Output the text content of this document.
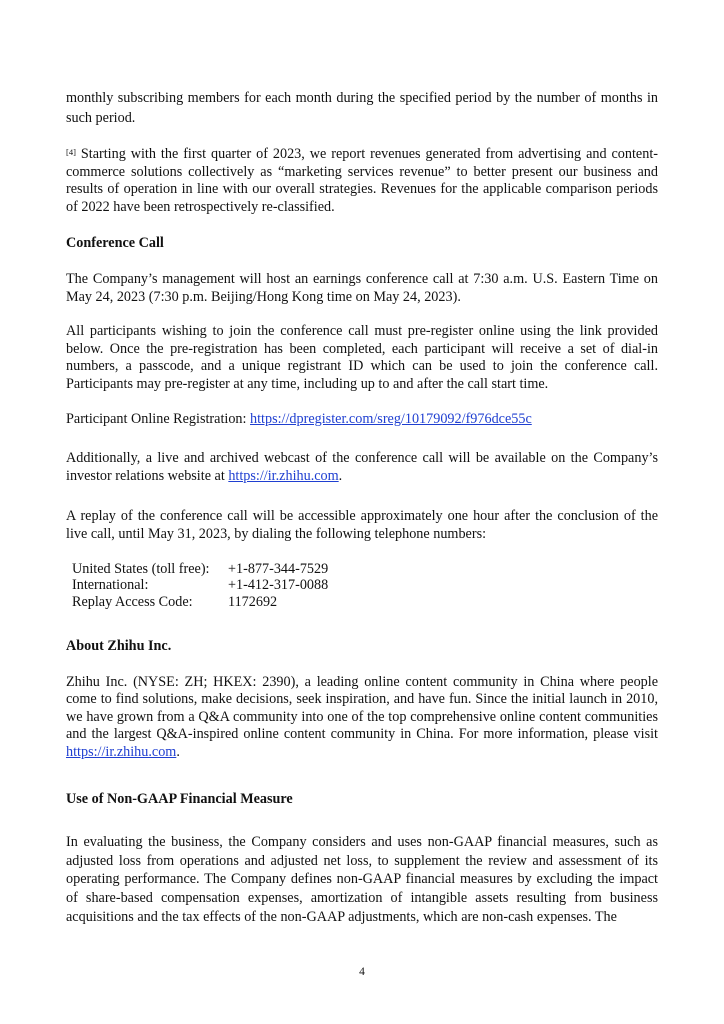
monthly subscribing members for each month during the specified period by the number of months in such period.

[4] Starting with the first quarter of 2023, we report revenues generated from advertising and content-commerce solutions collectively as “marketing services revenue” to better present our business and results of operation in line with our overall strategies. Revenues for the applicable comparison periods of 2022 have been retrospectively re-classified.

Conference Call

The Company’s management will host an earnings conference call at 7:30 a.m. U.S. Eastern Time on May 24, 2023 (7:30 p.m. Beijing/Hong Kong time on May 24, 2023).

All participants wishing to join the conference call must pre-register online using the link provided below. Once the pre-registration has been completed, each participant will receive a set of dial-in numbers, a passcode, and a unique registrant ID which can be used to join the conference call. Participants may pre-register at any time, including up to and after the call start time.

Participant Online Registration: https://dpregister.com/sreg/10179092/f976dce55c

Additionally, a live and archived webcast of the conference call will be available on the Company’s investor relations website at https://ir.zhihu.com.

A replay of the conference call will be accessible approximately one hour after the conclusion of the live call, until May 31, 2023, by dialing the following telephone numbers:

United States (toll free):	+1-877-344-7529
International:	+1-412-317-0088
Replay Access Code:	1172692

About Zhihu Inc.

Zhihu Inc. (NYSE: ZH; HKEX: 2390), a leading online content community in China where people come to find solutions, make decisions, seek inspiration, and have fun. Since the initial launch in 2010, we have grown from a Q&A community into one of the top comprehensive online content communities and the largest Q&A-inspired online content community in China. For more information, please visit https://ir.zhihu.com.

Use of Non-GAAP Financial Measure

In evaluating the business, the Company considers and uses non-GAAP financial measures, such as adjusted loss from operations and adjusted net loss, to supplement the review and assessment of its operating performance. The Company defines non-GAAP financial measures by excluding the impact of share-based compensation expenses, amortization of intangible assets resulting from business acquisitions and the tax effects of the non-GAAP adjustments, which are non-cash expenses. The

4
